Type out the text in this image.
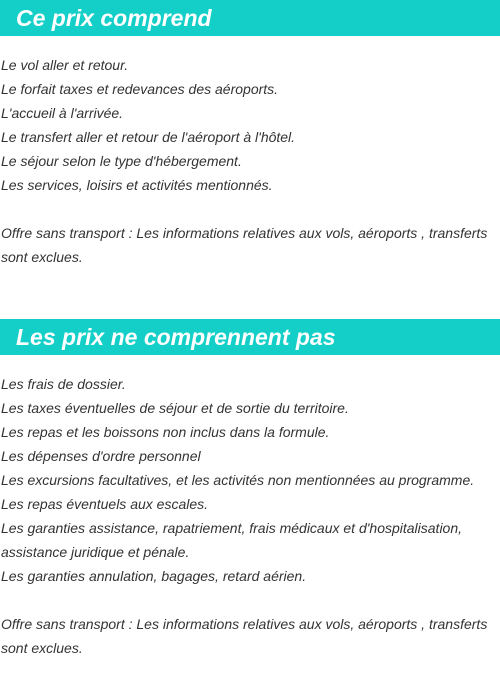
Ce prix comprend
Le vol aller et retour.
Le forfait taxes et redevances des aéroports.
L'accueil à l'arrivée.
Le transfert aller et retour de l'aéroport à l'hôtel.
Le séjour selon le type d'hébergement.
Les services, loisirs et activités mentionnés.

Offre sans transport : Les informations relatives aux vols, aéroports , transferts sont exclues.

Les prix ne comprennent pas
Les frais de dossier.
Les taxes éventuelles de séjour et de sortie du territoire.
Les repas et les boissons non inclus dans la formule.
Les dépenses d'ordre personnel
Les excursions facultatives, et les activités non mentionnées au programme.
Les repas éventuels aux escales.
Les garanties assistance, rapatriement, frais médicaux et d'hospitalisation, assistance juridique et pénale.
Les garanties annulation, bagages, retard aérien.

Offre sans transport : Les informations relatives aux vols, aéroports , transferts sont exclues.
